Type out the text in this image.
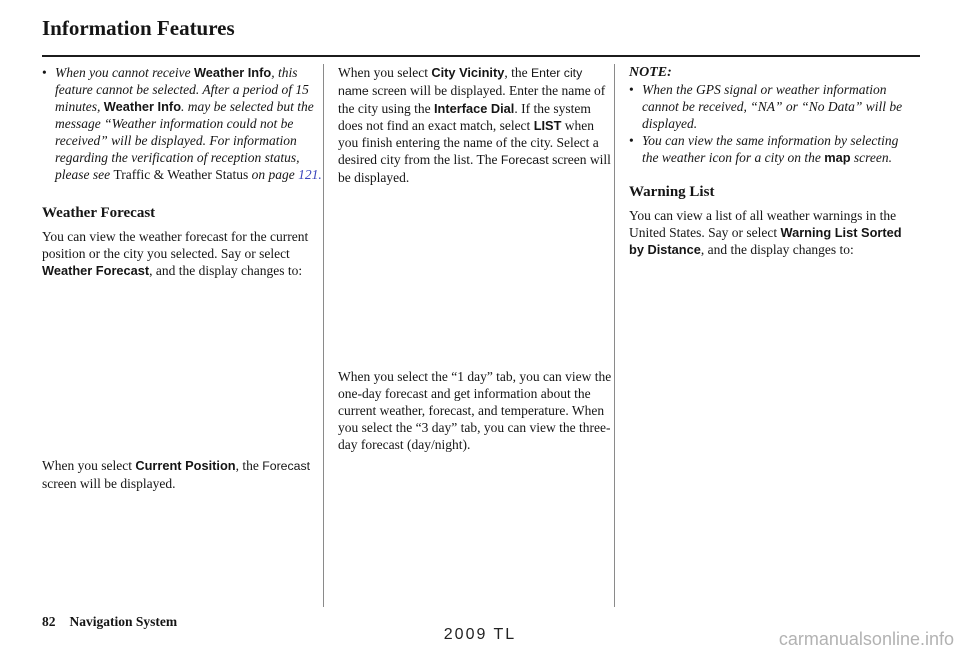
Information Features

• When you cannot receive Weather Info, this feature cannot be selected. After a period of 15 minutes, Weather Info. may be selected but the message “Weather information could not be received” will be displayed. For information regarding the verification of reception status, please see Traffic & Weather Status on page 121.

Weather Forecast

You can view the weather forecast for the current position or the city you selected. Say or select Weather Forecast, and the display changes to:

When you select Current Position, the Forecast screen will be displayed.

When you select City Vicinity, the Enter city name screen will be displayed. Enter the name of the city using the Interface Dial. If the system does not find an exact match, select LIST when you finish entering the name of the city. Select a desired city from the list. The Forecast screen will be displayed.

When you select the “1 day” tab, you can view the one-day forecast and get information about the current weather, forecast, and temperature. When you select the “3 day” tab, you can view the three-day forecast (day/night).

NOTE:

• When the GPS signal or weather information cannot be received, “NA” or “No Data” will be displayed.

• You can view the same information by selecting the weather icon for a city on the map screen.

Warning List

You can view a list of all weather warnings in the United States. Say or select Warning List Sorted by Distance, and the display changes to:

82 Navigation System
2009 TL	carmanualsonline.info
